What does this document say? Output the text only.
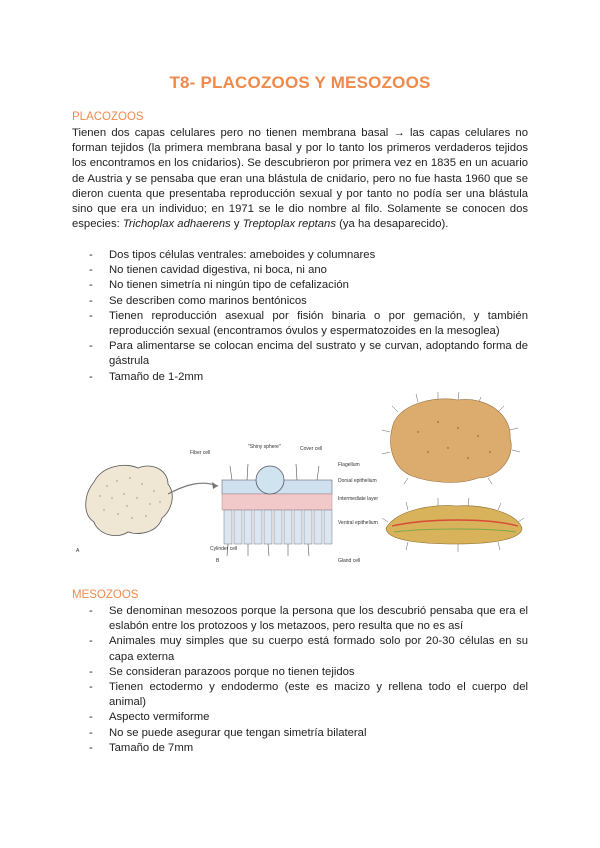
T8- PLACOZOOS Y MESOZOOS
PLACOZOOS
Tienen dos capas celulares pero no tienen membrana basal → las capas celulares no forman tejidos (la primera membrana basal y por lo tanto los primeros verdaderos tejidos los encontramos en los cnidarios). Se descubrieron por primera vez en 1835 en un acuario de Austria y se pensaba que eran una blástula de cnidario, pero no fue hasta 1960 que se dieron cuenta que presentaba reproducción sexual y por tanto no podía ser una blástula sino que era un individuo; en 1971 se le dio nombre al filo. Solamente se conocen dos especies: Trichoplax adhaerens y Treptoplax reptans (ya ha desaparecido).
- Dos tipos células ventrales: ameboides y columnares
- No tienen cavidad digestiva, ni boca, ni ano
- No tienen simetría ni ningún tipo de cefalización
- Se describen como marinos bentónicos
- Tienen reproducción asexual por fisión binaria o por gemación, y también reproducción sexual (encontramos óvulos y espermatozoides en la mesoglea)
- Para alimentarse se colocan encima del sustrato y se curvan, adoptando forma de gástrula
- Tamaño de 1-2mm
A
Fiber cell
"Shiny sphere"	Cover cell
Flagellum
Dorsal epithelium
Intermediate layer
Ventral epithelium
Cylinder cell
Gland cell
B
MESOZOOS
- Se denominan mesozoos porque la persona que los descubrió pensaba que era el eslabón entre los protozoos y los metazoos, pero resulta que no es así
- Animales muy simples que su cuerpo está formado solo por 20-30 células en su capa externa
- Se consideran parazoos porque no tienen tejidos
- Tienen ectodermo y endodermo (este es macizo y rellena todo el cuerpo del animal)
- Aspecto vermiforme
- No se puede asegurar que tengan simetría bilateral
- Tamaño de 7mm
